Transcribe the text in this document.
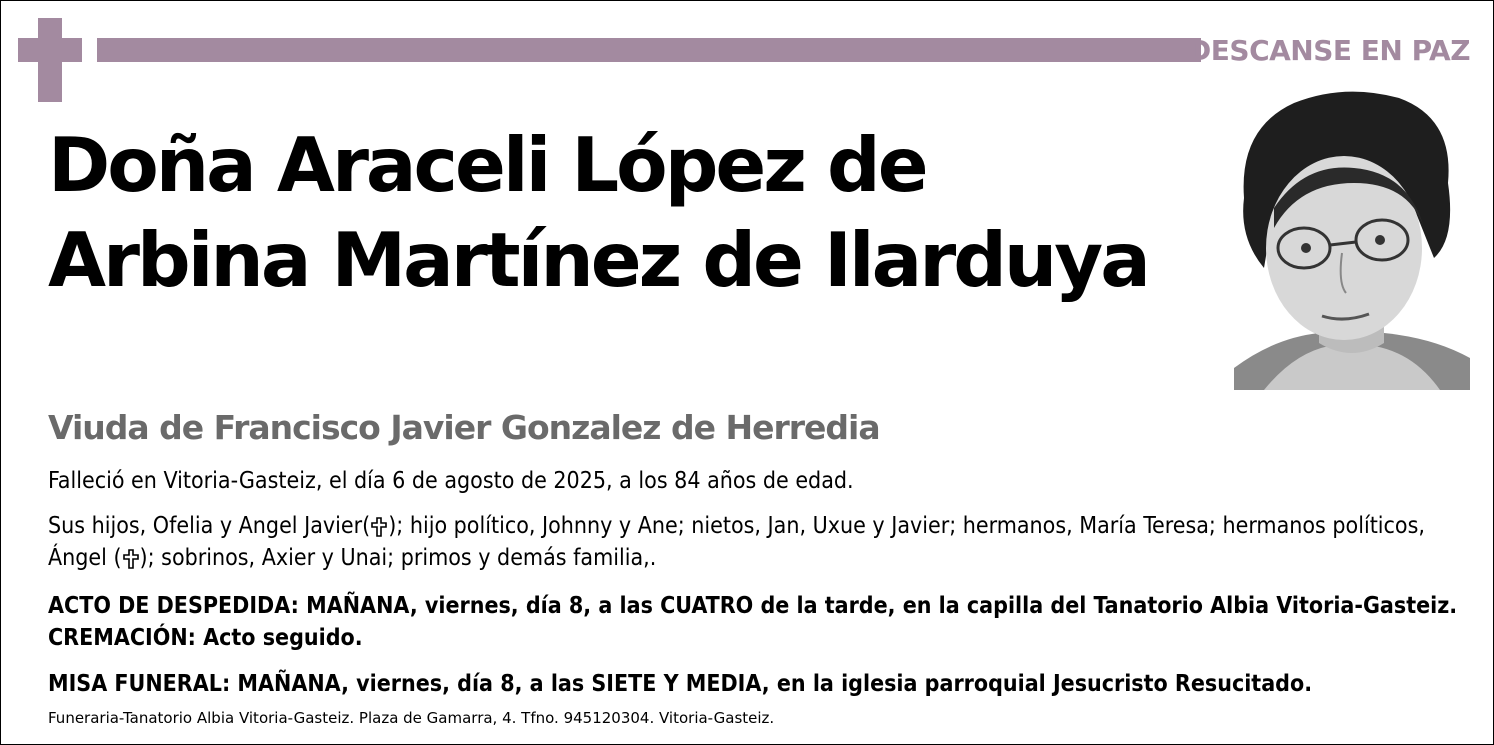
DESCANSE EN PAZ
Doña Araceli López de
Arbina Martínez de Ilarduya
Viuda de Francisco Javier Gonzalez de Herredia

Falleció en Vitoria-Gasteiz, el día 6 de agosto de 2025, a los 84 años de edad.

Sus hijos, Ofelia y Angel Javier( ); hijo político, Johnny y Ane; nietos, Jan, Uxue y Javier; hermanos, María Teresa; hermanos políticos, Ángel ( ); sobrinos, Axier y Unai; primos y demás familia,.

ACTO DE DESPEDIDA: MAÑANA, viernes, día 8, a las CUATRO de la tarde, en la capilla del Tanatorio Albia Vitoria-Gasteiz. CREMACIÓN: Acto seguido.

MISA FUNERAL: MAÑANA, viernes, día 8, a las SIETE Y MEDIA, en la iglesia parroquial Jesucristo Resucitado.

Funeraria-Tanatorio Albia Vitoria-Gasteiz. Plaza de Gamarra, 4. Tfno. 945120304. Vitoria-Gasteiz.
